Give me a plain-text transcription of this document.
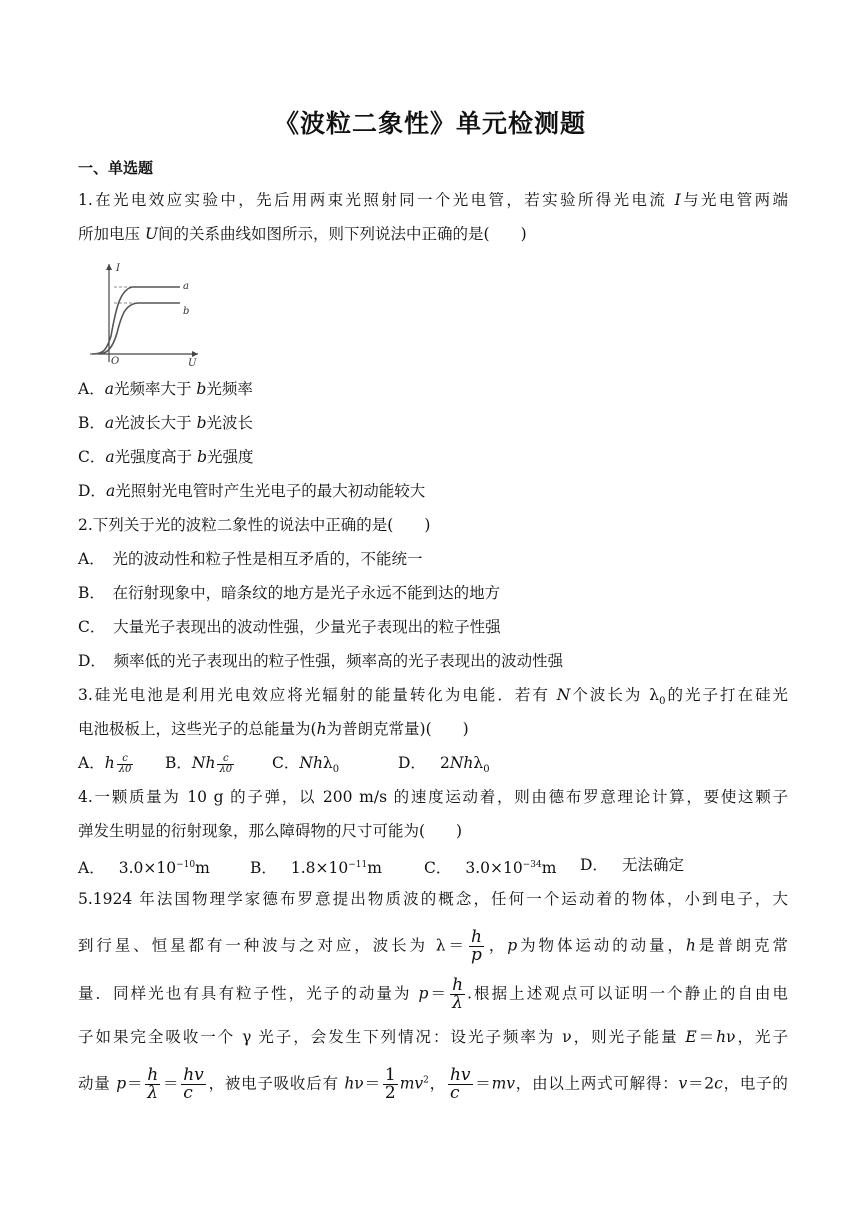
《波粒二象性》单元检测题
一、单选题
1.在光电效应实验中，先后用两束光照射同一个光电管，若实验所得光电流 I与光电管两端
所加电压 U间的关系曲线如图所示，则下列说法中正确的是(　　)
I
U
O
a
b
A．a光频率大于 b光频率
B．a光波长大于 b光波长
C．a光强度高于 b光强度
D．a光照射光电管时产生光电子的最大初动能较大
2.下列关于光的波粒二象性的说法中正确的是(　　)
A．　光的波动性和粒子性是相互矛盾的，不能统一
B．　在衍射现象中，暗条纹的地方是光子永远不能到达的地方
C．　大量光子表现出的波动性强，少量光子表现出的粒子性强
D．　频率低的光子表现出的粒子性强，频率高的光子表现出的波动性强
3.硅光电池是利用光电效应将光辐射的能量转化为电能．若有 N个波长为 $\lambda_0$的光子打在硅光
电池极板上，这些光子的总能量为(h为普朗克常量)(　　)
A．h $\frac{c}{\lambda 0}$ B．Nh $\frac{c}{\lambda 0}$ C．Nhλ$_0$	D． 2Nhλ$_0$
4.一颗质量为 10 g 的子弹，以 200 m/s 的速度运动着，则由德布罗意理论计算，要使这颗子
弹发生明显的衍射现象，那么障碍物的尺寸可能为(　　)
A． $3.0\times 10^{-10}m$	B． $1.8\times 10^{-11}m$	C． $3.0\times 10^{-34}m$ D． 无法确定
5.1924 年法国物理学家德布罗意提出物质波的概念，任何一个运动着的物体，小到电子，大
到行星、恒星都有一种波与之对应，波长为 $\lambda= \frac{h}{p}$ ，p为物体运动的动量，h是普朗克常
量．同样光也有具有粒子性，光子的动量为 $p= \frac{h}{\lambda}$ .根据上述观点可以证明一个静止的自由电
子如果完全吸收一个 γ 光子，会发生下列情况：设光子频率为 ν，则光子能量 E＝hν，光子
动量 $p= \frac{h}{\lambda} = \frac{hv}{c}$ ，被电子吸收后有 $h\nu= \frac{1}{2} mv^2$， $\frac{hv}{c} =mv$，由以上两式可解得：v＝2c，电子的
